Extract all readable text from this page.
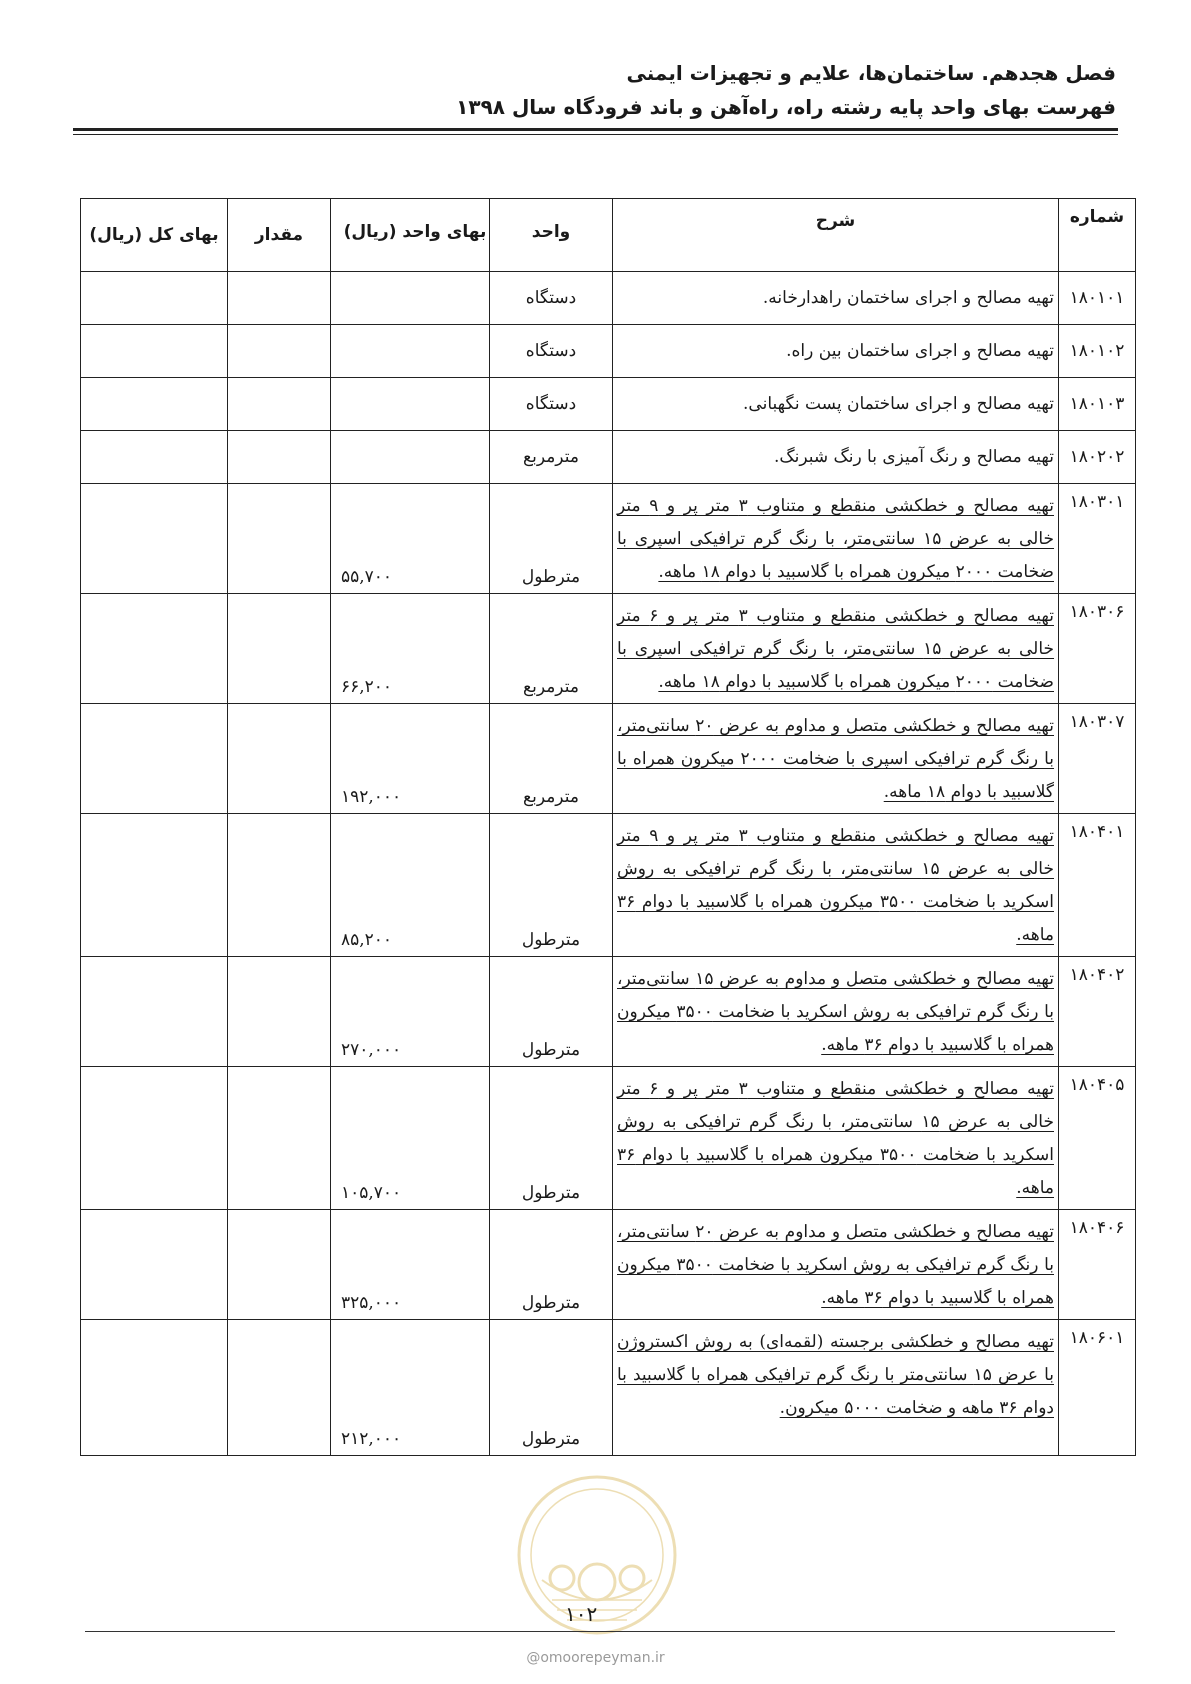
فصل هجدهم. ساختمان‌ها، علایم و تجهیزات ایمنی
فهرست بهای واحد پایه رشته راه، راه‌آهن و باند فرودگاه سال ۱۳۹۸
شماره	شرح	واحد	بهای واحد (ریال)	مقدار	بهای کل (ریال)
۱۸۰۱۰۱	تهیه مصالح و اجرای ساختمان راهدارخانه.	دستگاه			
۱۸۰۱۰۲	تهیه مصالح و اجرای ساختمان بین راه.	دستگاه			
۱۸۰۱۰۳	تهیه مصالح و اجرای ساختمان پست نگهبانی.	دستگاه			
۱۸۰۲۰۲	تهیه مصالح و رنگ آمیزی با رنگ شبرنگ.	مترمربع			
۱۸۰۳۰۱	تهیه مصالح و خطکشی منقطع و متناوب ۳ متر پر و ۹ متر خالی به عرض ۱۵ سانتی‌متر، با رنگ گرم ترافیکی اسپری با ضخامت ۲۰۰۰ میکرون همراه با گلاسبید با دوام ۱۸ ماهه.	مترطول	۵۵,۷۰۰		
۱۸۰۳۰۶	تهیه مصالح و خطکشی منقطع و متناوب ۳ متر پر و ۶ متر خالی به عرض ۱۵ سانتی‌متر، با رنگ گرم ترافیکی اسپری با ضخامت ۲۰۰۰ میکرون همراه با گلاسبید با دوام ۱۸ ماهه.	مترمربع	۶۶,۲۰۰		
۱۸۰۳۰۷	تهیه مصالح و خطکشی متصل و مداوم به عرض ۲۰ سانتی‌متر، با رنگ گرم ترافیکی اسپری با ضخامت ۲۰۰۰ میکرون همراه با گلاسبید با دوام ۱۸ ماهه.	مترمربع	۱۹۲,۰۰۰		
۱۸۰۴۰۱	تهیه مصالح و خطکشی منقطع و متناوب ۳ متر پر و ۹ متر خالی به عرض ۱۵ سانتی‌متر، با رنگ گرم ترافیکی به روش اسکرید با ضخامت ۳۵۰۰ میکرون همراه با گلاسبید با دوام ۳۶ ماهه.	مترطول	۸۵,۲۰۰		
۱۸۰۴۰۲	تهیه مصالح و خطکشی متصل و مداوم به عرض ۱۵ سانتی‌متر، با رنگ گرم ترافیکی به روش اسکرید با ضخامت ۳۵۰۰ میکرون همراه با گلاسبید با دوام ۳۶ ماهه.	مترطول	۲۷۰,۰۰۰		
۱۸۰۴۰۵	تهیه مصالح و خطکشی منقطع و متناوب ۳ متر پر و ۶ متر خالی به عرض ۱۵ سانتی‌متر، با رنگ گرم ترافیکی به روش اسکرید با ضخامت ۳۵۰۰ میکرون همراه با گلاسبید با دوام ۳۶ ماهه.	مترطول	۱۰۵,۷۰۰		
۱۸۰۴۰۶	تهیه مصالح و خطکشی متصل و مداوم به عرض ۲۰ سانتی‌متر، با رنگ گرم ترافیکی به روش اسکرید با ضخامت ۳۵۰۰ میکرون همراه با گلاسبید با دوام ۳۶ ماهه.	مترطول	۳۲۵,۰۰۰		
۱۸۰۶۰۱	تهیه مصالح و خطکشی برجسته (لقمه‌ای) به روش اکستروژن با عرض ۱۵ سانتی‌متر با رنگ گرم ترافیکی همراه با گلاسبید با دوام ۳۶ ماهه و ضخامت ۵۰۰۰ میکرون.	مترطول	۲۱۲,۰۰۰		
۱۰۲
@omoorepeyman.ir
